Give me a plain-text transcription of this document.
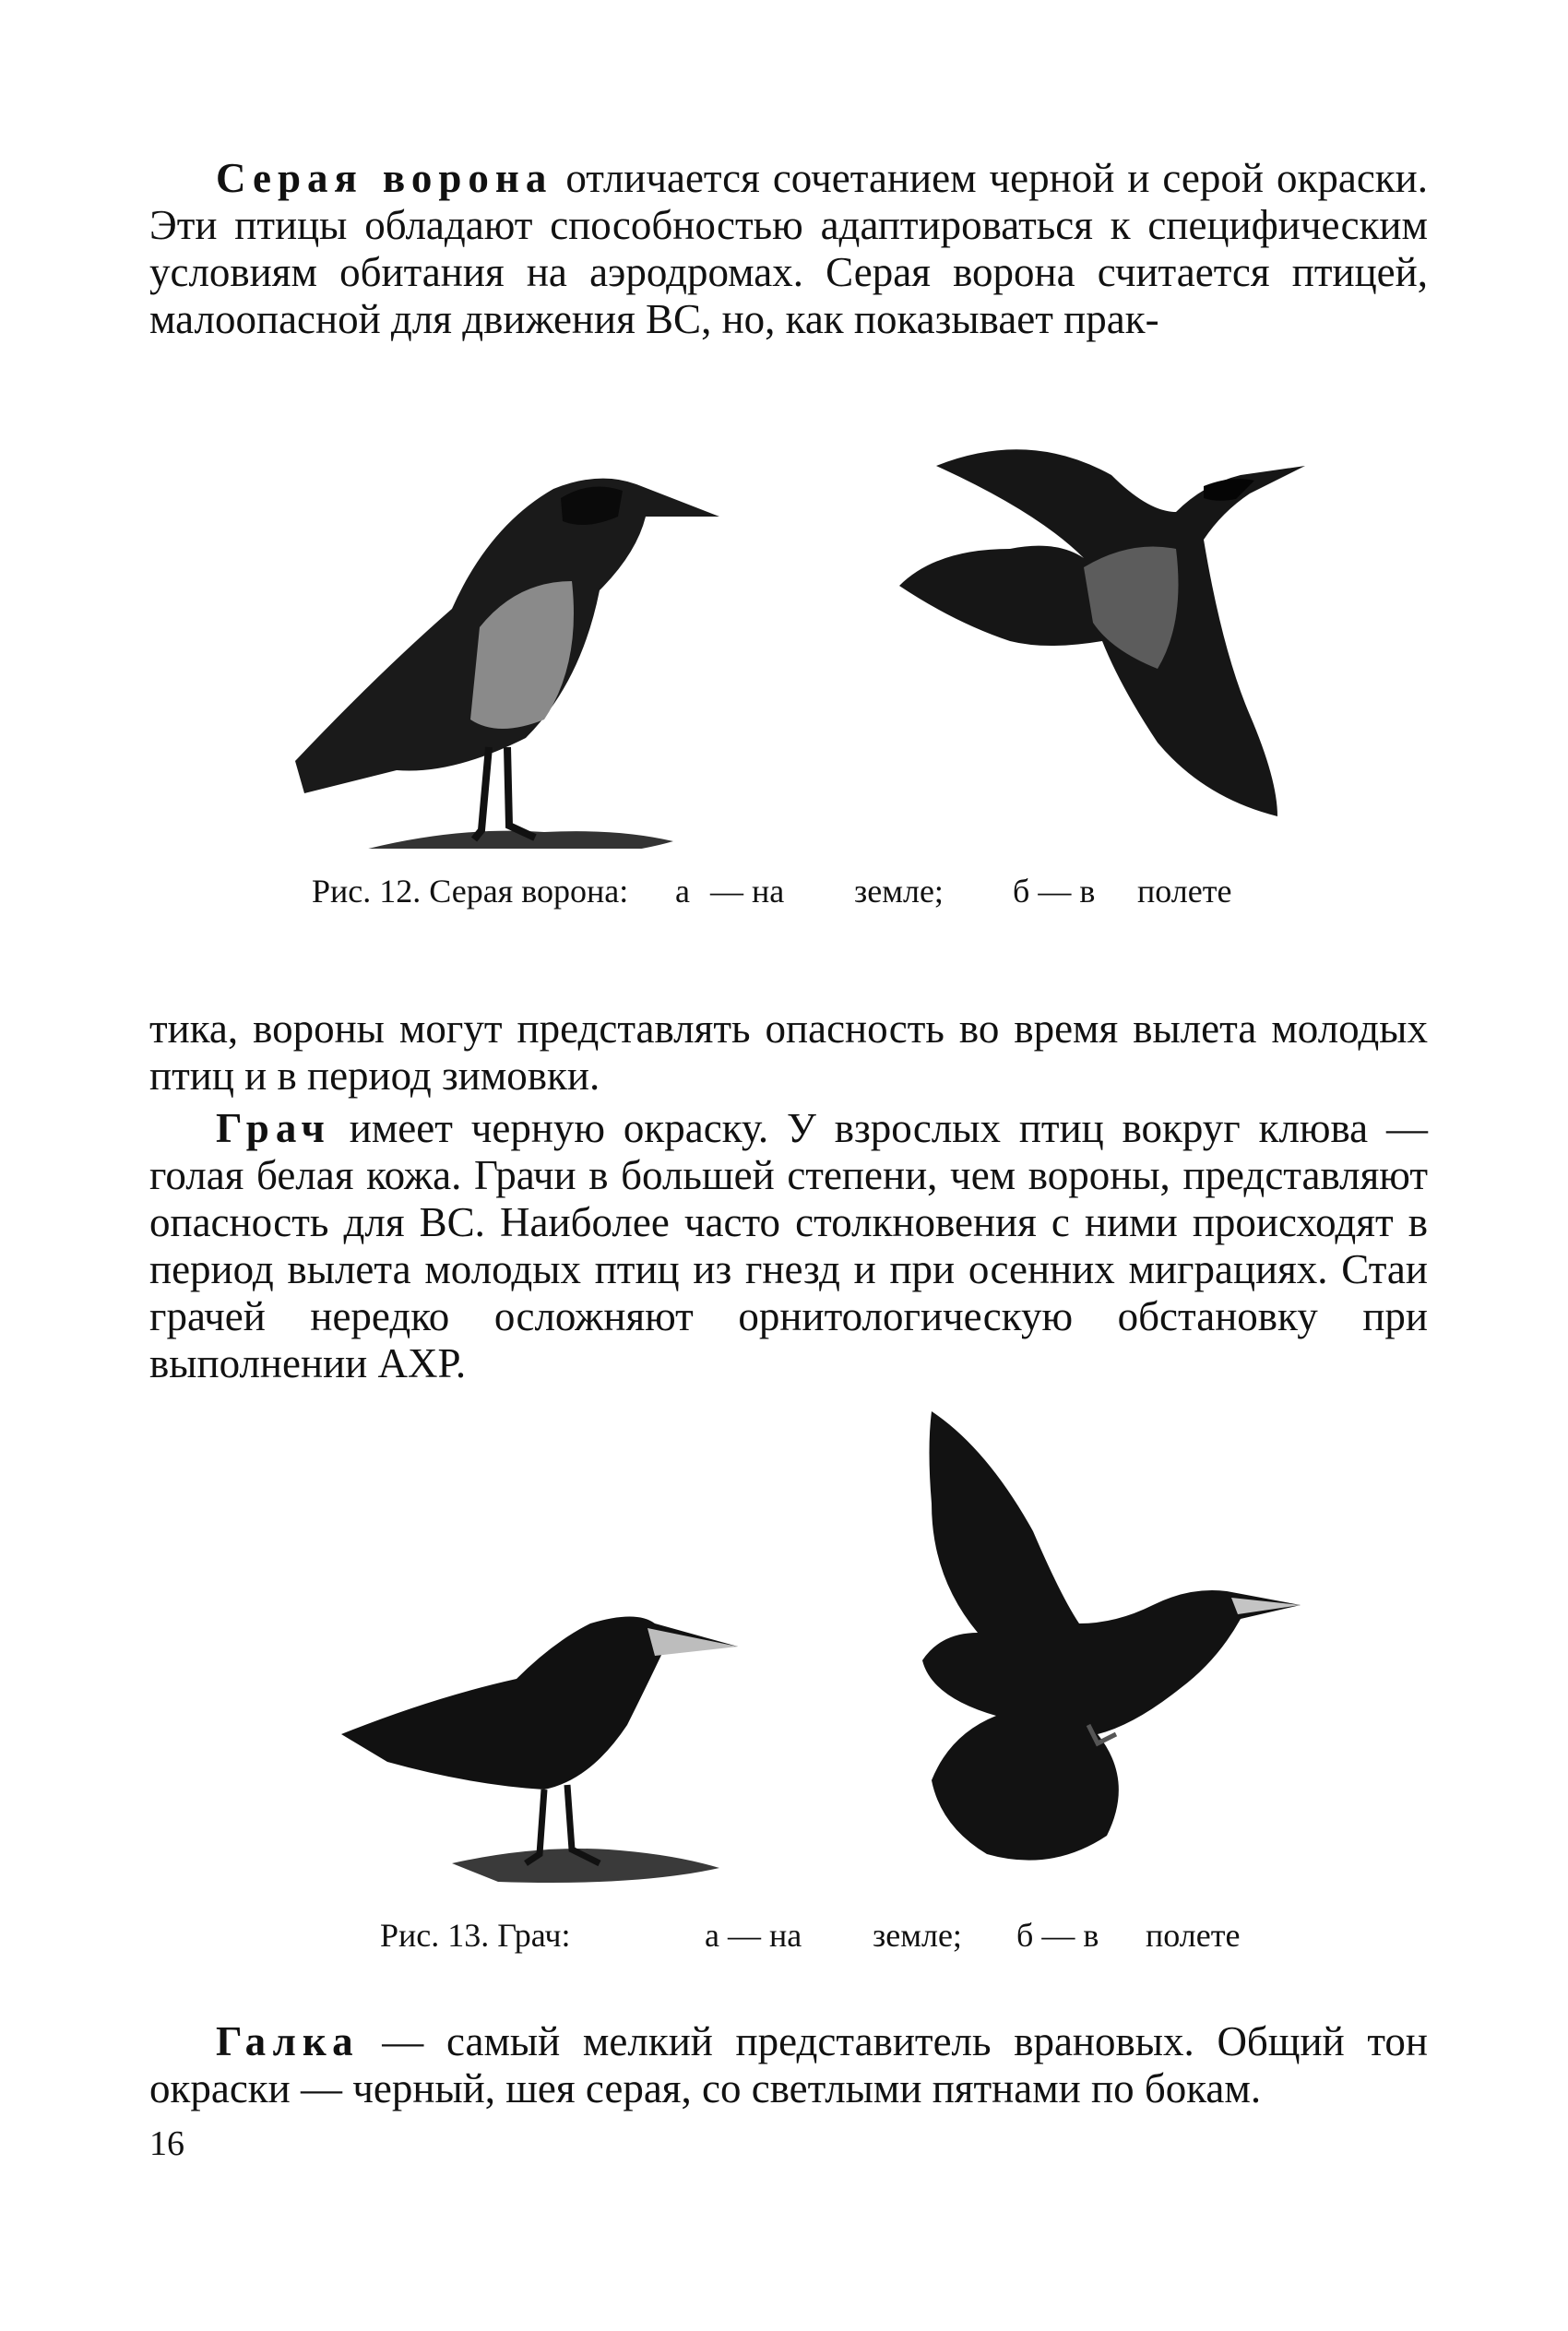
Серая ворона отличается сочетанием черной и серой окраски. Эти птицы обладают способностью адаптироваться к специфическим условиям обитания на аэродромах. Серая ворона считается птицей, малоопасной для движения ВС, но, как показывает прак-

Рис. 12. Серая ворона: а — на земле; б — в полете

тика, вороны могут представлять опасность во время вылета молодых птиц и в период зимовки.

Грач имеет черную окраску. У взрослых птиц вокруг клюва — голая белая кожа. Грачи в большей степени, чем вороны, представляют опасность для ВС. Наиболее часто столкновения с ними происходят в период вылета молодых птиц из гнезд и при осенних миграциях. Стаи грачей нередко осложняют орнитологическую обстановку при выполнении АХР.

Рис. 13. Грач:	а — на земле; б — в полете

Галка — самый мелкий представитель врановых. Общий тон окраски — черный, шея серая, со светлыми пятнами по бокам.

16
